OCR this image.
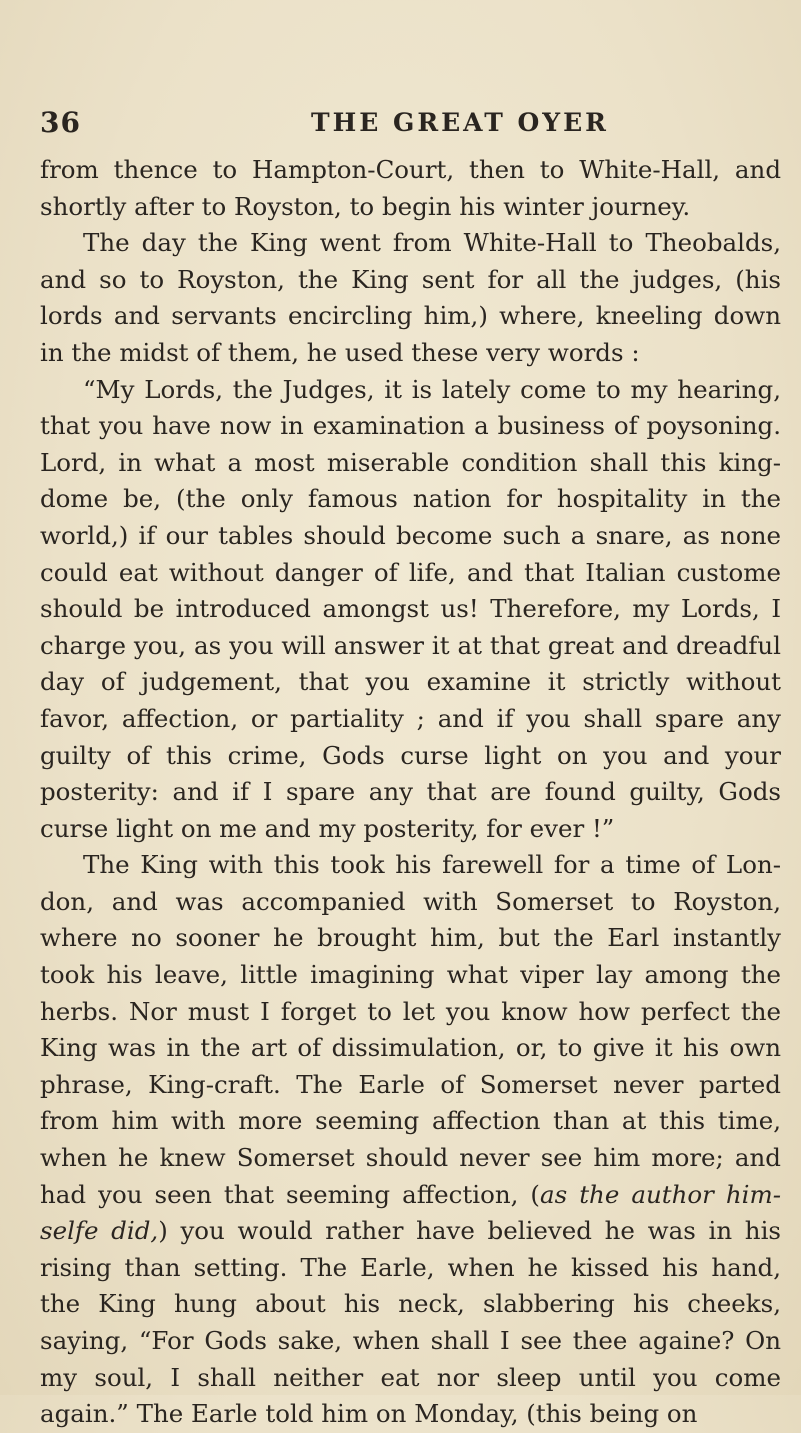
36	THE GREAT OYER

from thence to Hampton-Court, then to White-Hall, and shortly after to Royston, to begin his winter journey.

The day the King went from White-Hall to Theobalds, and so to Royston, the King sent for all the judges, (his lords and servants encircling him,) where, kneeling down in the midst of them, he used these very words :

“My Lords, the Judges, it is lately come to my hearing, that you have now in examination a business of poysoning. Lord, in what a most miserable condition shall this king-dome be, (the only famous nation for hospitality in the world,) if our tables should become such a snare, as none could eat without danger of life, and that Italian custome should be introduced amongst us! Therefore, my Lords, I charge you, as you will answer it at that great and dreadful day of judgement, that you examine it strictly without favor, affection, or partiality ; and if you shall spare any guilty of this crime, Gods curse light on you and your posterity: and if I spare any that are found guilty, Gods curse light on me and my posterity, for ever !”

The King with this took his farewell for a time of Lon-don, and was accompanied with Somerset to Royston, where no sooner he brought him, but the Earl instantly took his leave, little imagining what viper lay among the herbs. Nor must I forget to let you know how perfect the King was in the art of dissimulation, or, to give it his own phrase, King-craft. The Earle of Somerset never parted from him with more seeming affection than at this time, when he knew Somerset should never see him more; and had you seen that seeming affection, (as the author him-selfe did,) you would rather have believed he was in his rising than setting. The Earle, when he kissed his hand, the King hung about his neck, slabbering his cheeks, saying, “For Gods sake, when shall I see thee againe? On my soul, I shall neither eat nor sleep until you come again.” The Earle told him on Monday, (this being on
